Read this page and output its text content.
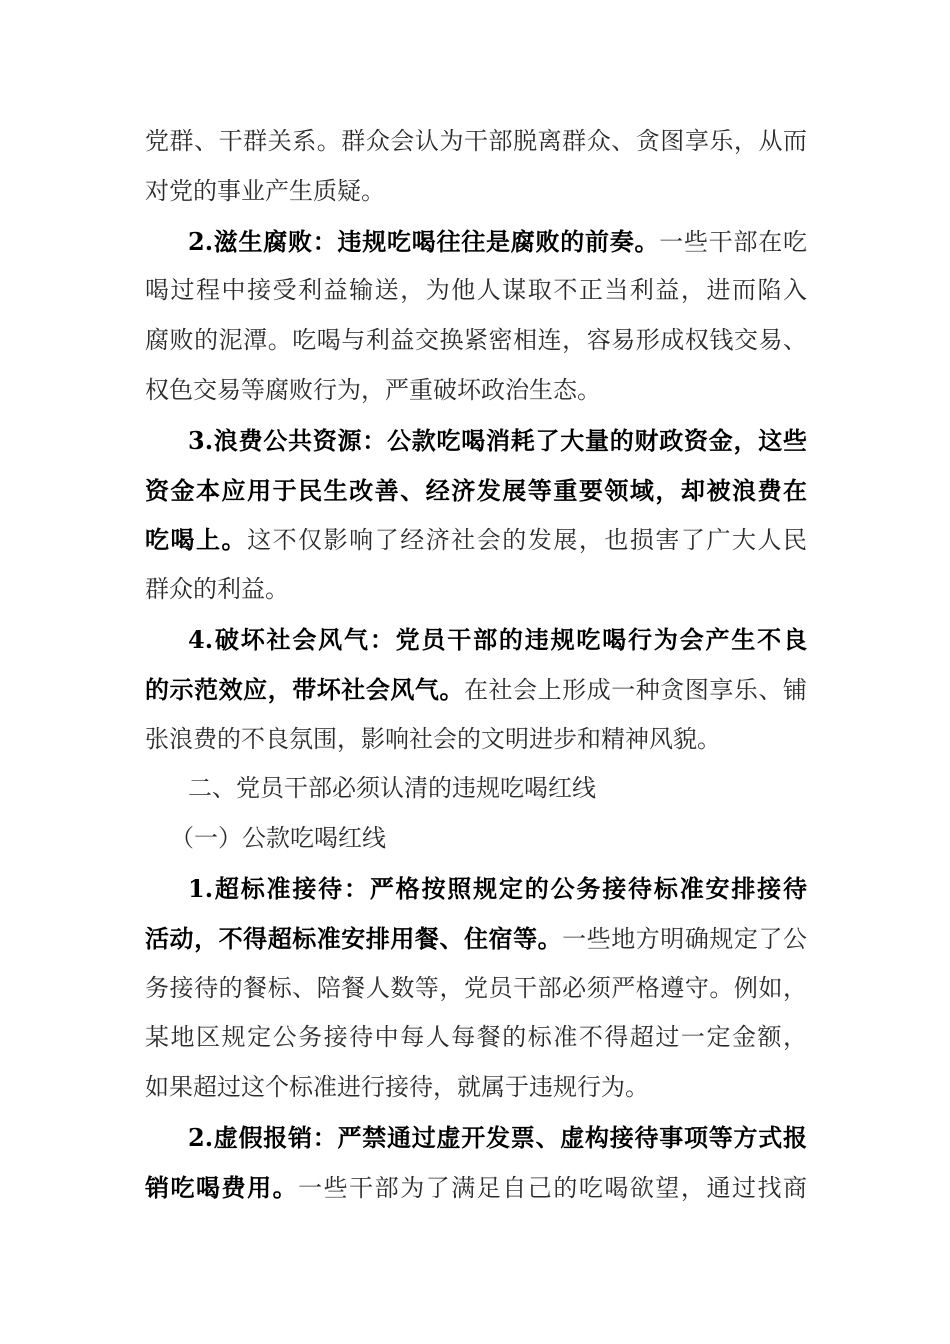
党群、干群关系。群众会认为干部脱离群众、贪图享乐，从而
对党的事业产生质疑。
2.滋生腐败：违规吃喝往往是腐败的前奏。一些干部在吃
喝过程中接受利益输送，为他人谋取不正当利益，进而陷入
腐败的泥潭。吃喝与利益交换紧密相连，容易形成权钱交易、
权色交易等腐败行为，严重破坏政治生态。
3.浪费公共资源：公款吃喝消耗了大量的财政资金，这些
资金本应用于民生改善、经济发展等重要领域，却被浪费在
吃喝上。这不仅影响了经济社会的发展，也损害了广大人民
群众的利益。
4.破坏社会风气：党员干部的违规吃喝行为会产生不良
的示范效应，带坏社会风气。在社会上形成一种贪图享乐、铺
张浪费的不良氛围，影响社会的文明进步和精神风貌。
二、党员干部必须认清的违规吃喝红线
（一）公款吃喝红线
1.超标准接待：严格按照规定的公务接待标准安排接待
活动，不得超标准安排用餐、住宿等。一些地方明确规定了公
务接待的餐标、陪餐人数等，党员干部必须严格遵守。例如，
某地区规定公务接待中每人每餐的标准不得超过一定金额，
如果超过这个标准进行接待，就属于违规行为。
2.虚假报销：严禁通过虚开发票、虚构接待事项等方式报
销吃喝费用。一些干部为了满足自己的吃喝欲望，通过找商
